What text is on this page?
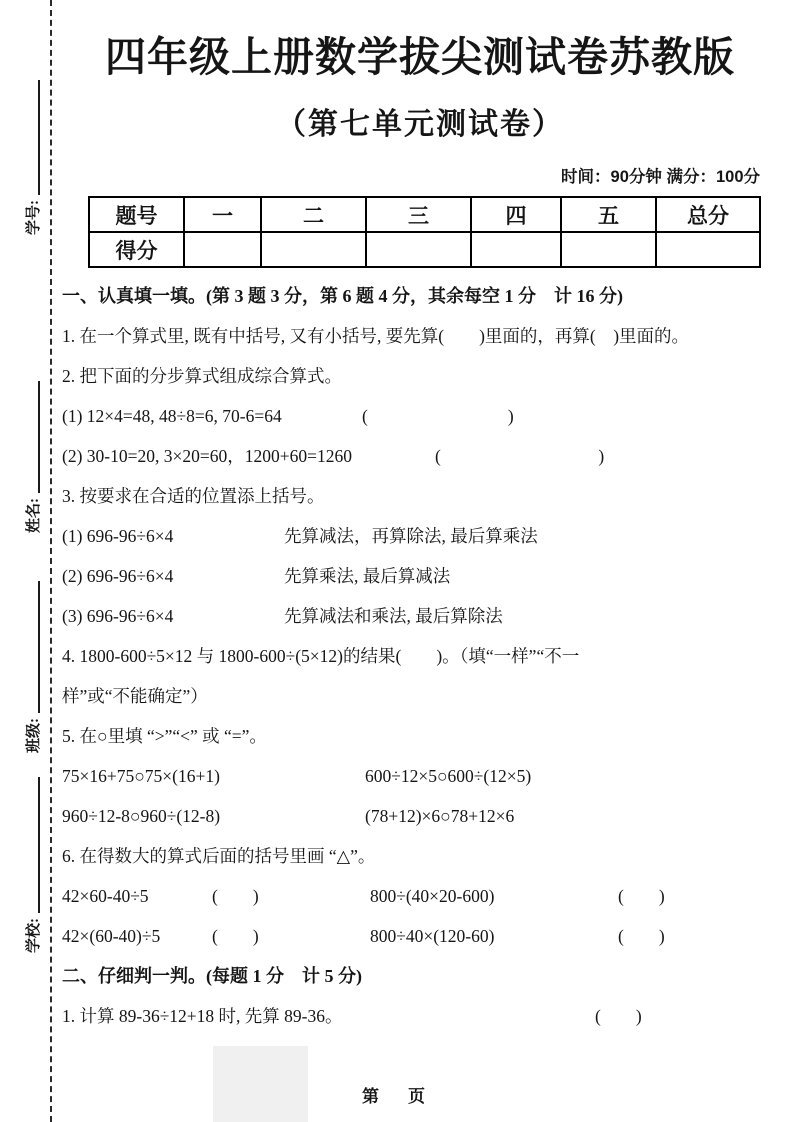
学号:
姓名:
班级:
学校:
四年级上册数学拔尖测试卷苏教版
（第七单元测试卷）
时间：90分钟 满分：100分
题号	一	二	三	四	五	总分
得分						
一、认真填一填。(第 3 题 3 分，第 6 题 4 分，其余每空 1 分　计 16 分)
1. 在一个算式里, 既有中括号, 又有小括号, 要先算(　　)里面的，再算(　)里面的。
2. 把下面的分步算式组成综合算式。
(1) 12×4=48, 48÷8=6, 70-6=64	(　　　　　　　　)
(2) 30-10=20, 3×20=60，1200+60=1260	(　　　　　　　　　)
3. 按要求在合适的位置添上括号。
(1) 696-96÷6×4	先算减法，再算除法, 最后算乘法
(2) 696-96÷6×4	先算乘法, 最后算减法
(3) 696-96÷6×4	先算减法和乘法, 最后算除法
4. 1800-600÷5×12 与 1800-600÷(5×12)的结果(　　)。（填“一样”“不一
样”或“不能确定”）
5. 在○里填 “>”“<” 或 “=”。
75×16+75○75×(16+1)	600÷12×5○600÷(12×5)
960÷12-8○960÷(12-8)	(78+12)×6○78+12×6
6. 在得数大的算式后面的括号里画 “△”。
42×60-40÷5	(　　)	800÷(40×20-600)	(　　)
42×(60-40)÷5	(　　)	800÷40×(120-60)	(　　)
二、仔细判一判。(每题 1 分　计 5 分)
1. 计算 89-36÷12+18 时, 先算 89-36。	(　　)
第　页
